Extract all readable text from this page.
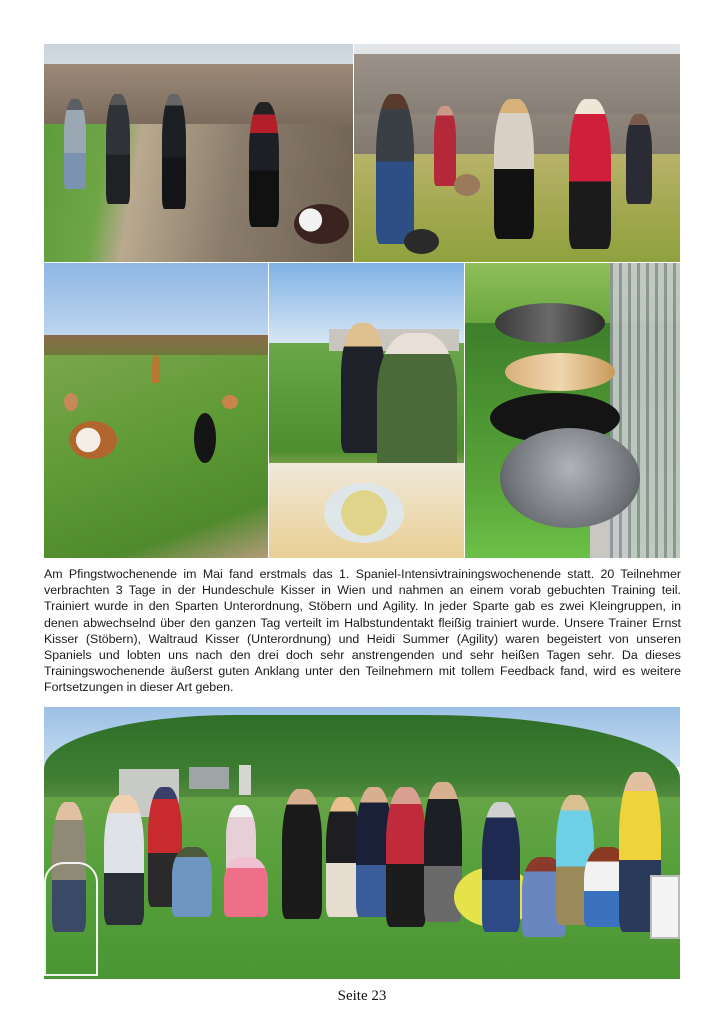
Am Pfingstwochenende im Mai fand erstmals das 1. Spaniel-Intensivtrainingswochenende statt. 20 Teilnehmer verbrachten 3 Tage in der Hundeschule Kisser in Wien und nahmen an einem vorab gebuchten Training teil. Trainiert wurde in den Sparten Unterordnung, Stöbern und Agility. In jeder Sparte gab es zwei Kleingruppen, in denen abwechselnd über den ganzen Tag verteilt im Halbstundentakt fleißig trainiert wurde. Unsere Trainer Ernst Kisser (Stöbern), Waltraud Kisser (Unterordnung) und Heidi Summer (Agility) waren begeistert von unseren Spaniels und lobten uns nach den drei doch sehr anstrengenden und sehr heißen Tagen sehr. Da dieses Trainingswochenende äußerst guten Anklang unter den Teilnehmern mit tollem Feedback fand, wird es weitere Fortsetzungen in dieser Art geben.

Seite 23
